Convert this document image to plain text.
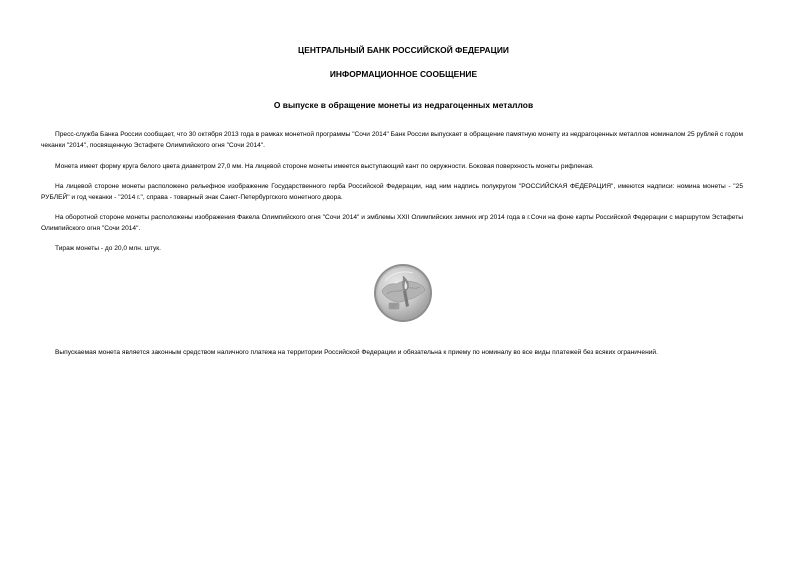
ЦЕНТРАЛЬНЫЙ БАНК РОССИЙСКОЙ ФЕДЕРАЦИИ
ИНФОРМАЦИОННОЕ СООБЩЕНИЕ
О выпуске в обращение монеты из недрагоценных металлов

Пресс-служба Банка России сообщает, что 30 октября 2013 года в рамках монетной программы "Сочи 2014" Банк России выпускает в обращение памятную монету из недрагоценных металлов номиналом 25 рублей с годом чеканки "2014", посвященную Эстафете Олимпийского огня "Сочи 2014".

Монета имеет форму круга белого цвета диаметром 27,0 мм. На лицевой стороне монеты имеется выступающий кант по окружности. Боковая поверхность монеты рифленая.

На лицевой стороне монеты расположено рельефное изображение Государственного герба Российской Федерации, над ним надпись полукругом "РОССИЙСКАЯ ФЕДЕРАЦИЯ", имеются надписи: номина монеты - "25 РУБЛЕЙ" и год чеканки - "2014 г.", справа - товарный знак Санкт-Петербургского монетного двора.

На оборотной стороне монеты расположены изображения Факела Олимпийского огня "Сочи 2014" и эмблемы XXII Олимпийских зимних игр 2014 года в г.Сочи на фоне карты Российской Федерации с маршрутом Эстафеты Олимпийского огня "Сочи 2014".

Тираж монеты - до 20,0 млн. штук.

Выпускаемая монета является законным средством наличного платежа на территории Российской Федерации и обязательна к приему по номиналу во все виды платежей без всяких ограничений.
